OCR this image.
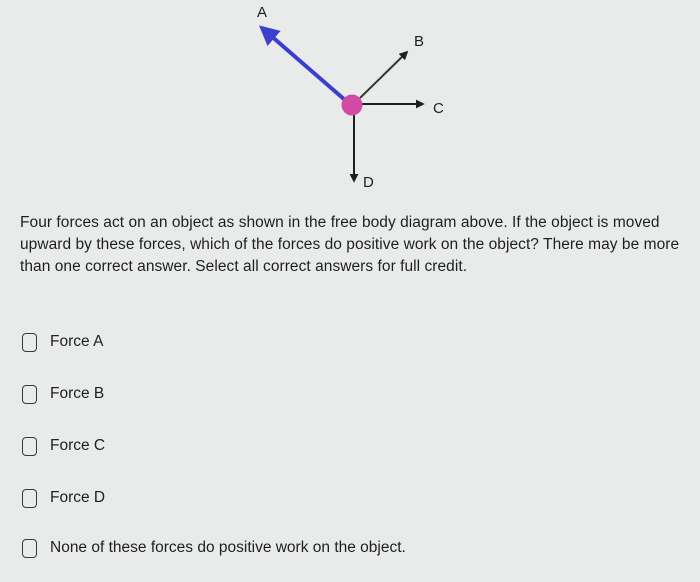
A
B
C
D

Four forces act on an object as shown in the free body diagram above. If the object is moved upward by these forces, which of the forces do positive work on the object? There may be more than one correct answer. Select all correct answers for full credit.

Force A
Force B
Force C
Force D
None of these forces do positive work on the object.
